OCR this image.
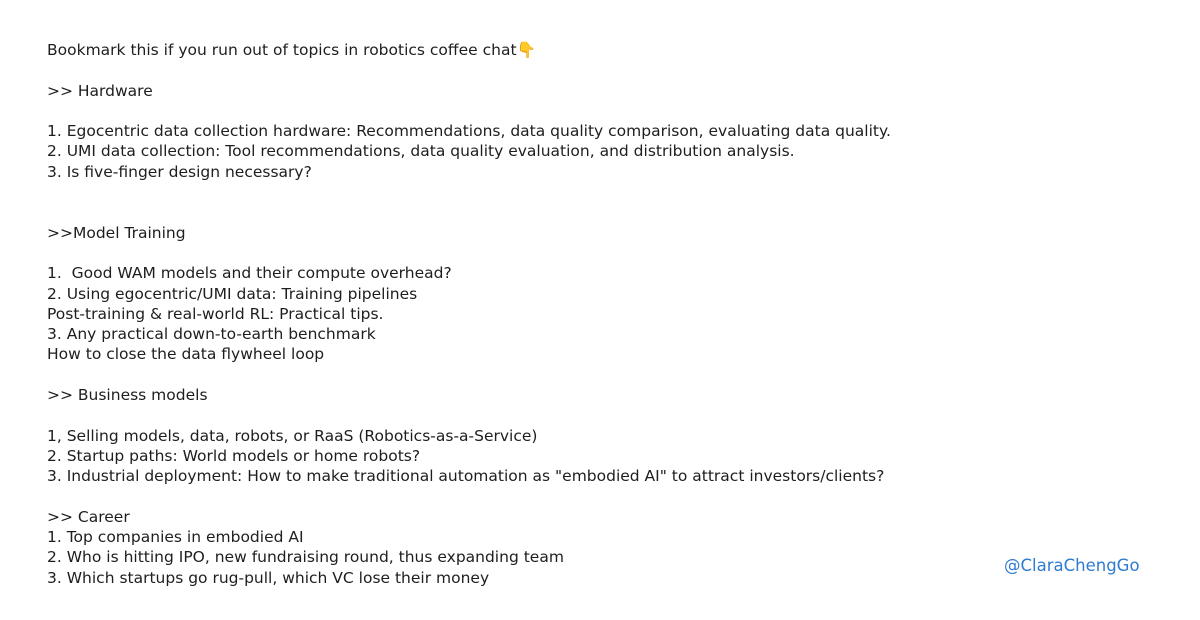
Bookmark this if you run out of topics in robotics coffee chat👇
>> Hardware
1. Egocentric data collection hardware: Recommendations, data quality comparison, evaluating data quality.
2. UMI data collection: Tool recommendations, data quality evaluation, and distribution analysis.
3. Is five-finger design necessary?
>>Model Training
1.  Good WAM models and their compute overhead?
2. Using egocentric/UMI data: Training pipelines
Post-training & real-world RL: Practical tips.
3. Any practical down-to-earth benchmark
How to close the data flywheel loop
>> Business models
1, Selling models, data, robots, or RaaS (Robotics-as-a-Service)
2. Startup paths: World models or home robots?
3. Industrial deployment: How to make traditional automation as "embodied AI" to attract investors/clients?
>> Career
1. Top companies in embodied AI
2. Who is hitting IPO, new fundraising round, thus expanding team
3. Which startups go rug-pull, which VC lose their money
@ClaraChengGo
